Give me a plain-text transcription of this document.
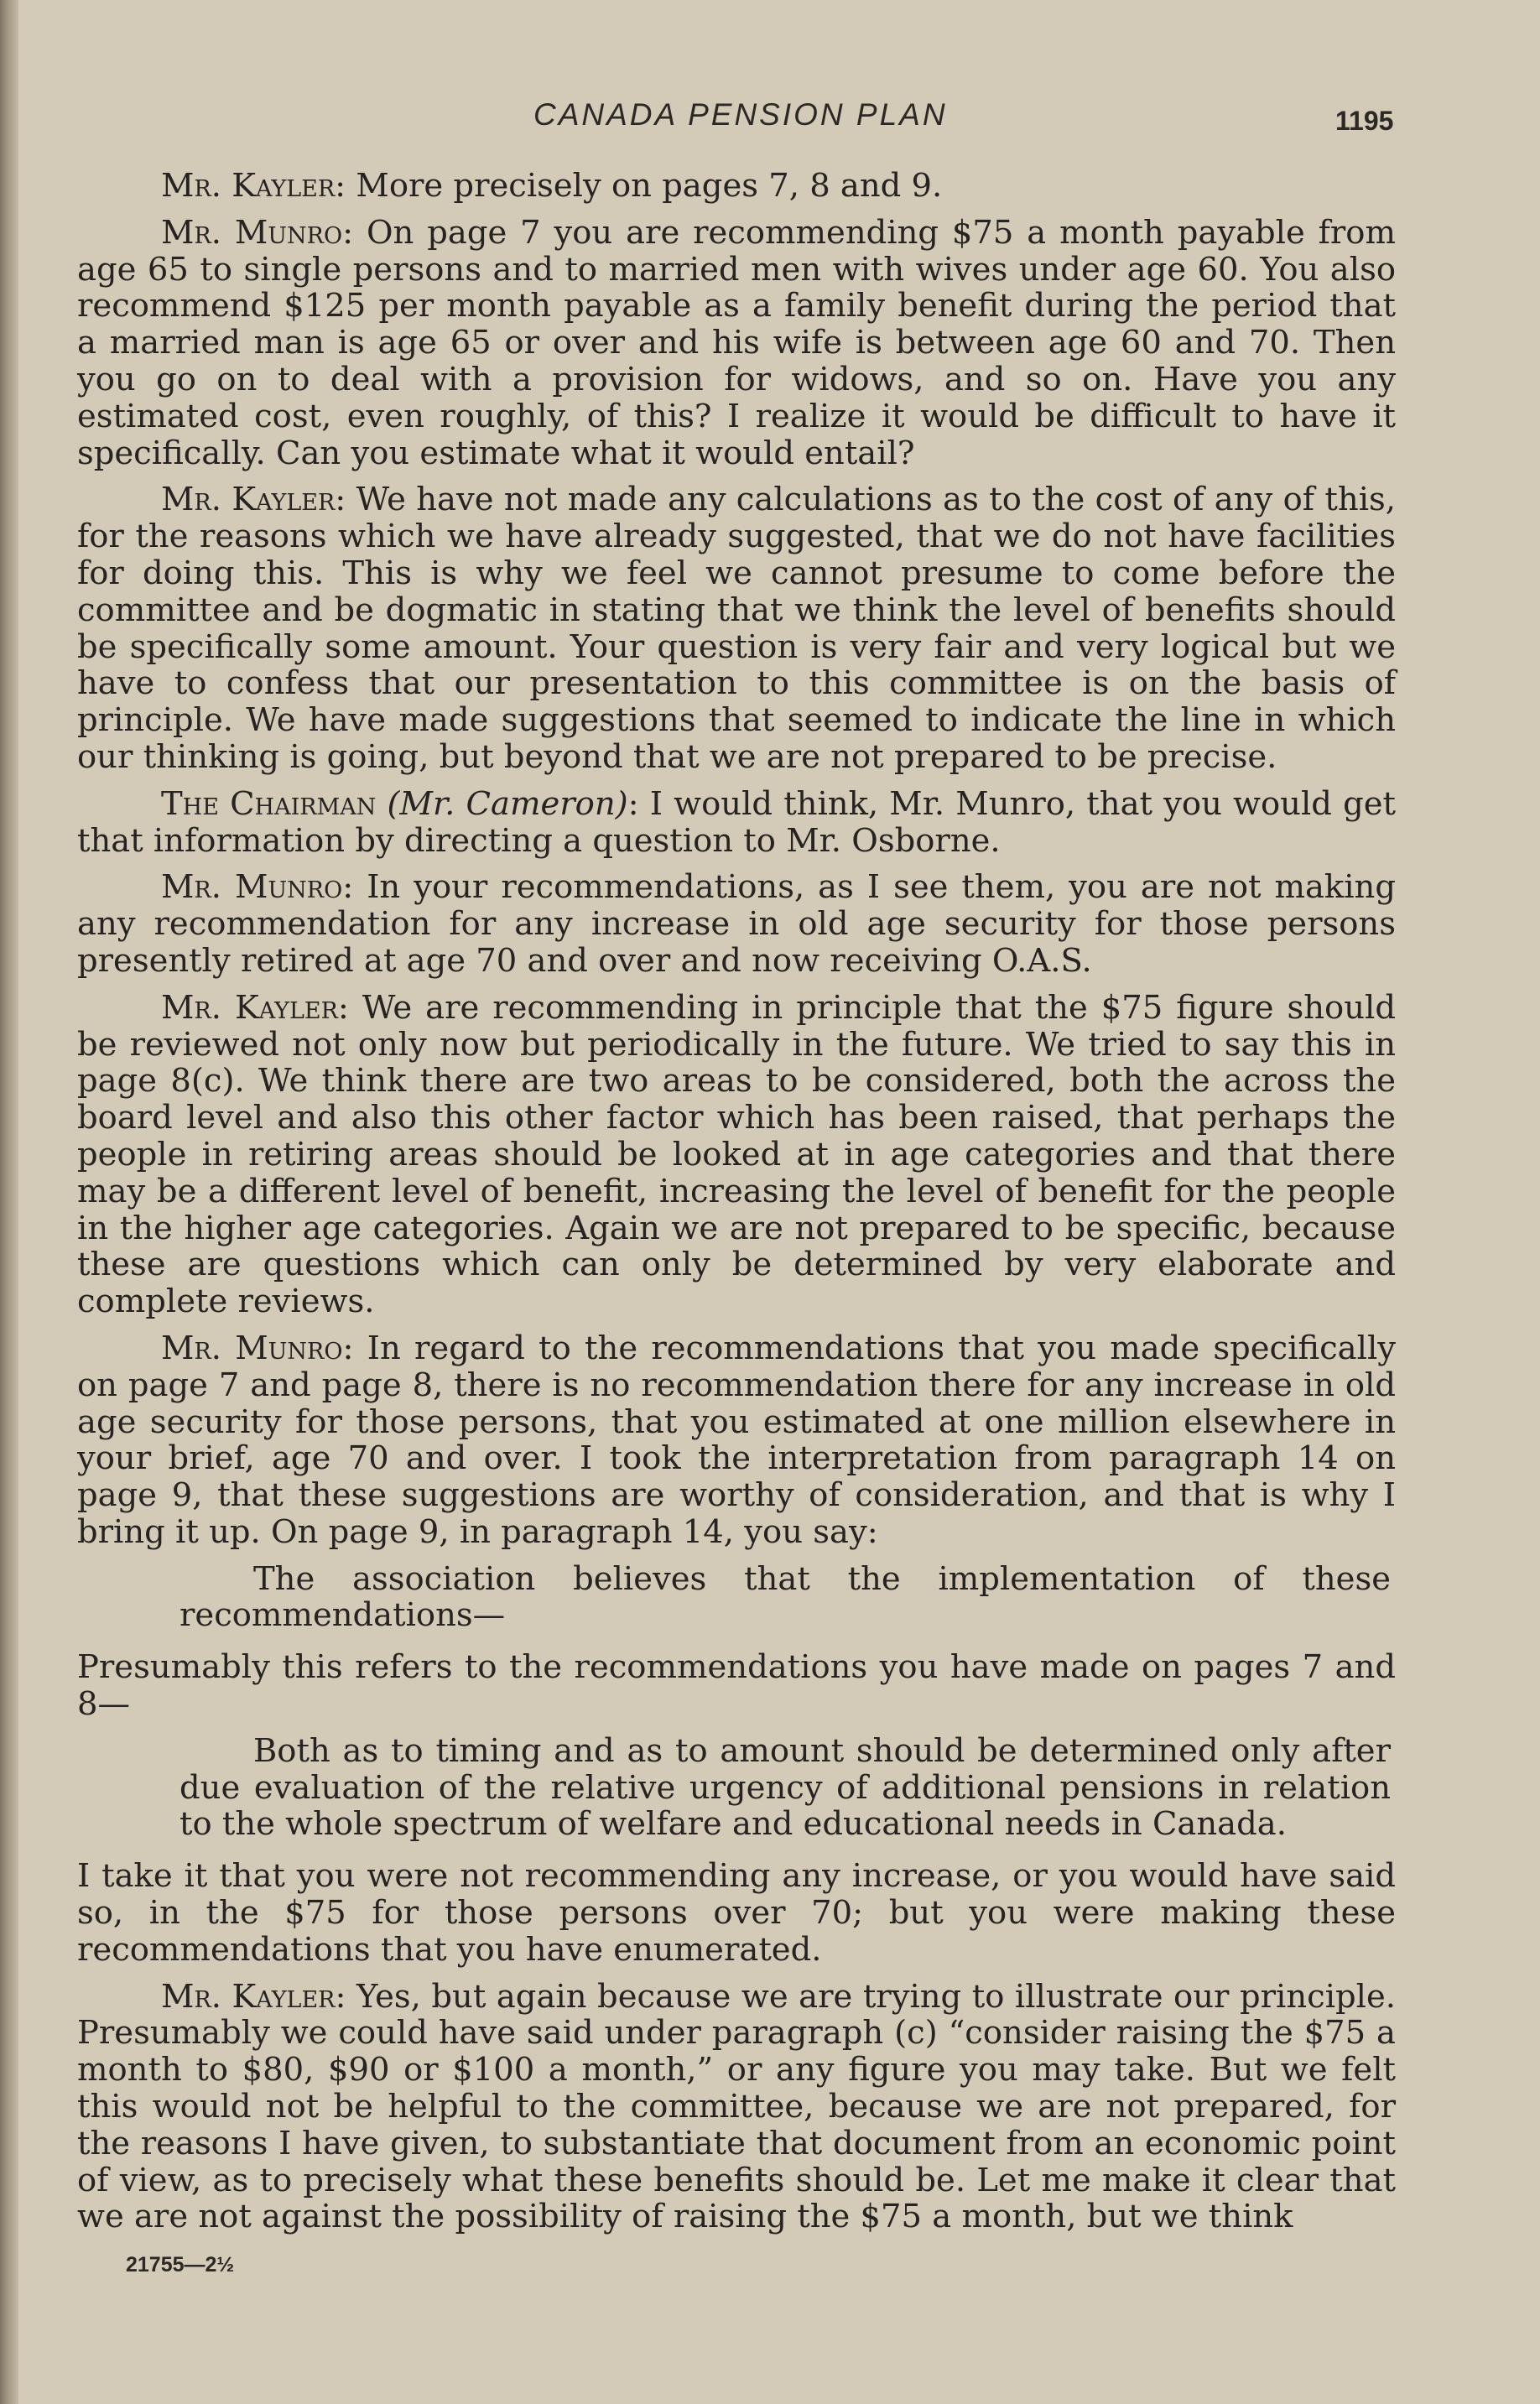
CANADA PENSION PLAN	1195

Mr. Kayler: More precisely on pages 7, 8 and 9.

Mr. Munro: On page 7 you are recommending $75 a month payable from age 65 to single persons and to married men with wives under age 60. You also recommend $125 per month payable as a family benefit during the period that a married man is age 65 or over and his wife is between age 60 and 70. Then you go on to deal with a provision for widows, and so on. Have you any estimated cost, even roughly, of this? I realize it would be difficult to have it specifically. Can you estimate what it would entail?

Mr. Kayler: We have not made any calculations as to the cost of any of this, for the reasons which we have already suggested, that we do not have facilities for doing this. This is why we feel we cannot presume to come before the committee and be dogmatic in stating that we think the level of benefits should be specifically some amount. Your question is very fair and very logical but we have to confess that our presentation to this committee is on the basis of principle. We have made suggestions that seemed to indicate the line in which our thinking is going, but beyond that we are not prepared to be precise.

The Chairman (Mr. Cameron): I would think, Mr. Munro, that you would get that information by directing a question to Mr. Osborne.

Mr. Munro: In your recommendations, as I see them, you are not making any recommendation for any increase in old age security for those persons presently retired at age 70 and over and now receiving O.A.S.

Mr. Kayler: We are recommending in principle that the $75 figure should be reviewed not only now but periodically in the future. We tried to say this in page 8(c). We think there are two areas to be considered, both the across the board level and also this other factor which has been raised, that perhaps the people in retiring areas should be looked at in age categories and that there may be a different level of benefit, increasing the level of benefit for the people in the higher age categories. Again we are not prepared to be specific, because these are questions which can only be determined by very elaborate and complete reviews.

Mr. Munro: In regard to the recommendations that you made specifically on page 7 and page 8, there is no recommendation there for any increase in old age security for those persons, that you estimated at one million elsewhere in your brief, age 70 and over. I took the interpretation from paragraph 14 on page 9, that these suggestions are worthy of consideration, and that is why I bring it up. On page 9, in paragraph 14, you say:

The association believes that the implementation of these recommendations—

Presumably this refers to the recommendations you have made on pages 7 and 8—

Both as to timing and as to amount should be determined only after due evaluation of the relative urgency of additional pensions in relation to the whole spectrum of welfare and educational needs in Canada.

I take it that you were not recommending any increase, or you would have said so, in the $75 for those persons over 70; but you were making these recommendations that you have enumerated.

Mr. Kayler: Yes, but again because we are trying to illustrate our principle. Presumably we could have said under paragraph (c) “consider raising the $75 a month to $80, $90 or $100 a month,” or any figure you may take. But we felt this would not be helpful to the committee, because we are not prepared, for the reasons I have given, to substantiate that document from an economic point of view, as to precisely what these benefits should be. Let me make it clear that we are not against the possibility of raising the $75 a month, but we think

21755—2½
